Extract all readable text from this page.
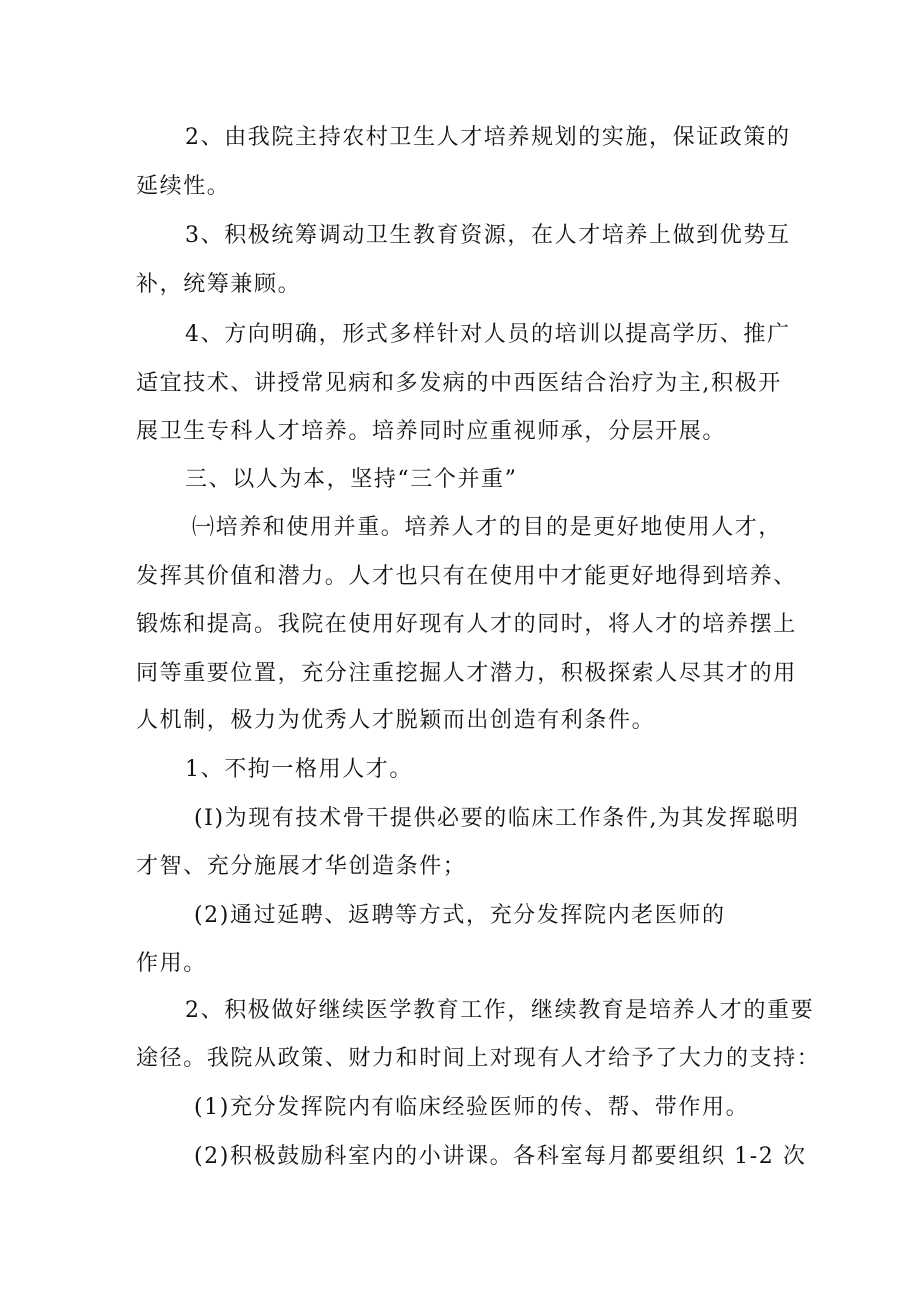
2、由我院主持农村卫生人才培养规划的实施，保证政策的
延续性。
3、积极统筹调动卫生教育资源，在人才培养上做到优势互
补，统筹兼顾。
4、方向明确，形式多样针对人员的培训以提高学历、推广
适宜技术、讲授常见病和多发病的中西医结合治疗为主,积极开
展卫生专科人才培养。培养同时应重视师承，分层开展。
三、以人为本，坚持“三个并重”
㈠培养和使用并重。培养人才的目的是更好地使用人才，
发挥其价值和潜力。人才也只有在使用中才能更好地得到培养、
锻炼和提高。我院在使用好现有人才的同时，将人才的培养摆上
同等重要位置，充分注重挖掘人才潜力，积极探索人尽其才的用
人机制，极力为优秀人才脱颖而出创造有利条件。
1、不拘一格用人才。
(I)为现有技术骨干提供必要的临床工作条件,为其发挥聪明
才智、充分施展才华创造条件；
(2)通过延聘、返聘等方式，充分发挥院内老医师的
作用。
2、积极做好继续医学教育工作，继续教育是培养人才的重要
途径。我院从政策、财力和时间上对现有人才给予了大力的支持：
(1)充分发挥院内有临床经验医师的传、帮、带作用。
(2)积极鼓励科室内的小讲课。各科室每月都要组织 1-2 次
